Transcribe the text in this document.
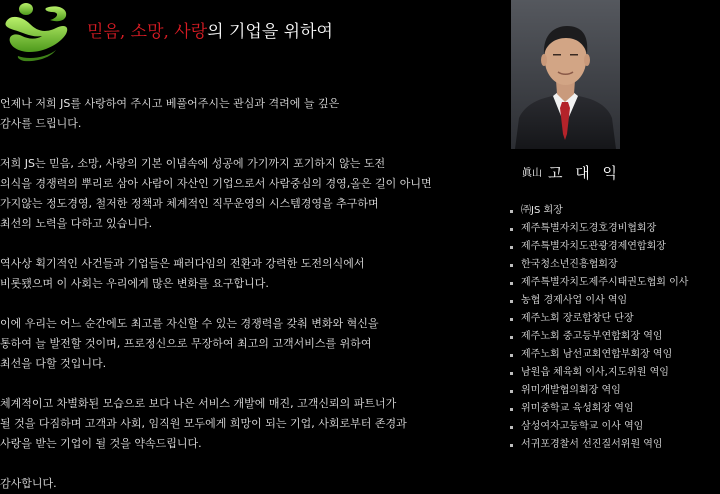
믿음, 소망, 사랑의 기업을 위하여

언제나 저희 JS를 사랑하여 주시고 베풀어주시는 관심과 격려에 늘 깊은
감사를 드립니다.

저희 JS는 믿음, 소망, 사랑의 기본 이념속에 성공에 가기까지 포기하지 않는 도전
의식을 경쟁력의 뿌리로 삼아 사람이 자산인 기업으로서 사람중심의 경영,올은 길이 아니면
가지않는 정도경영, 철저한 정책과 체계적인 직무운영의 시스템경영을 추구하며
최선의 노력을 다하고 있습니다.

역사상 획기적인 사건들과 기업들은 패러다임의 전환과 강력한 도전의식에서
비롯됐으며 이 사회는 우리에게 많은 변화를 요구합니다.

이에 우리는 어느 순간에도 최고를 자신할 수 있는 경쟁력을 갖춰 변화와 혁신을
통하여 늘 발전할 것이며, 프로정신으로 무장하여 최고의 고객서비스를 위하여
최선을 다할 것입니다.

체계적이고 차별화된 모습으로 보다 나은 서비스 개발에 매진, 고객신뢰의 파트너가
될 것을 다짐하며 고객과 사회, 임직원 모두에게 희망이 되는 기업, 사회로부터 존경과
사랑을 받는 기업이 될 것을 약속드립니다.

감사합니다.

眞山 고 대 익
㈜JS 회장
제주특별자치도경호경비협회장
제주특별자치도관광경제연합회장
한국청소년진흥협회장
제주특별자치도제주시태권도협회 이사
농협 경제사업 이사 역임
제주노회 장로합창단 단장
제주노회 중고등부연합회장 역임
제주노회 남선교회연합부회장 역임
남원읍 체육회 이사,지도위원 역임
위미개발협의회장 역임
위미중학교 육성회장 역임
삼성여자고등학교 이사 역임
서귀포경찰서 선진질서위원 역임
